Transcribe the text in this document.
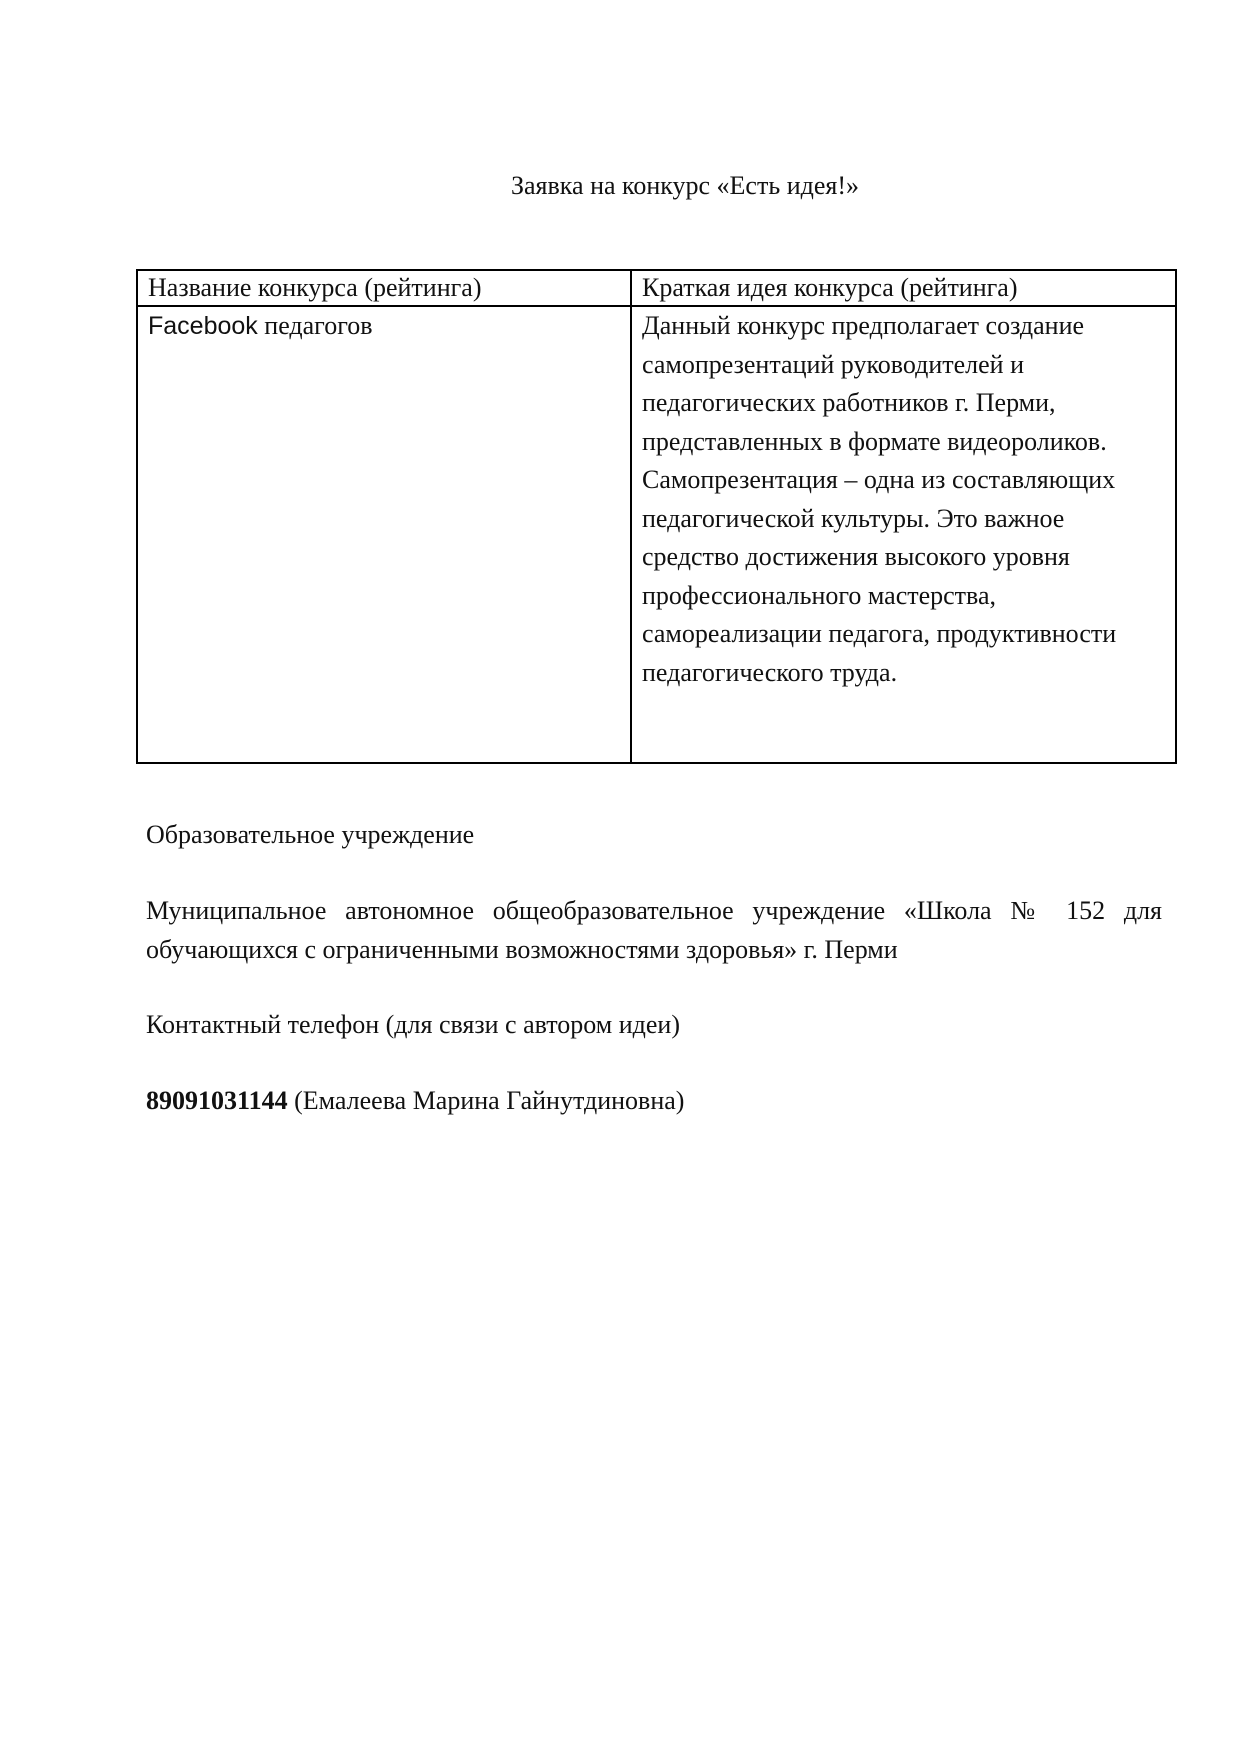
Заявка на конкурс «Есть идея!»
Название конкурса (рейтинга)	Краткая идея конкурса (рейтинга)
Facebook педагогов	Данный конкурс предполагает создание самопрезентаций руководителей и педагогических работников г. Перми, представленных в формате видеороликов. Самопрезентация – одна из составляющих педагогической культуры. Это важное средство достижения высокого уровня профессионального мастерства, самореализации педагога, продуктивности педагогического труда.
Образовательное учреждение
Муниципальное автономное общеобразовательное учреждение «Школа № 152 для обучающихся с ограниченными возможностями здоровья» г. Перми
Контактный телефон (для связи с автором идеи)
89091031144 (Емалеева Марина Гайнутдиновна)
